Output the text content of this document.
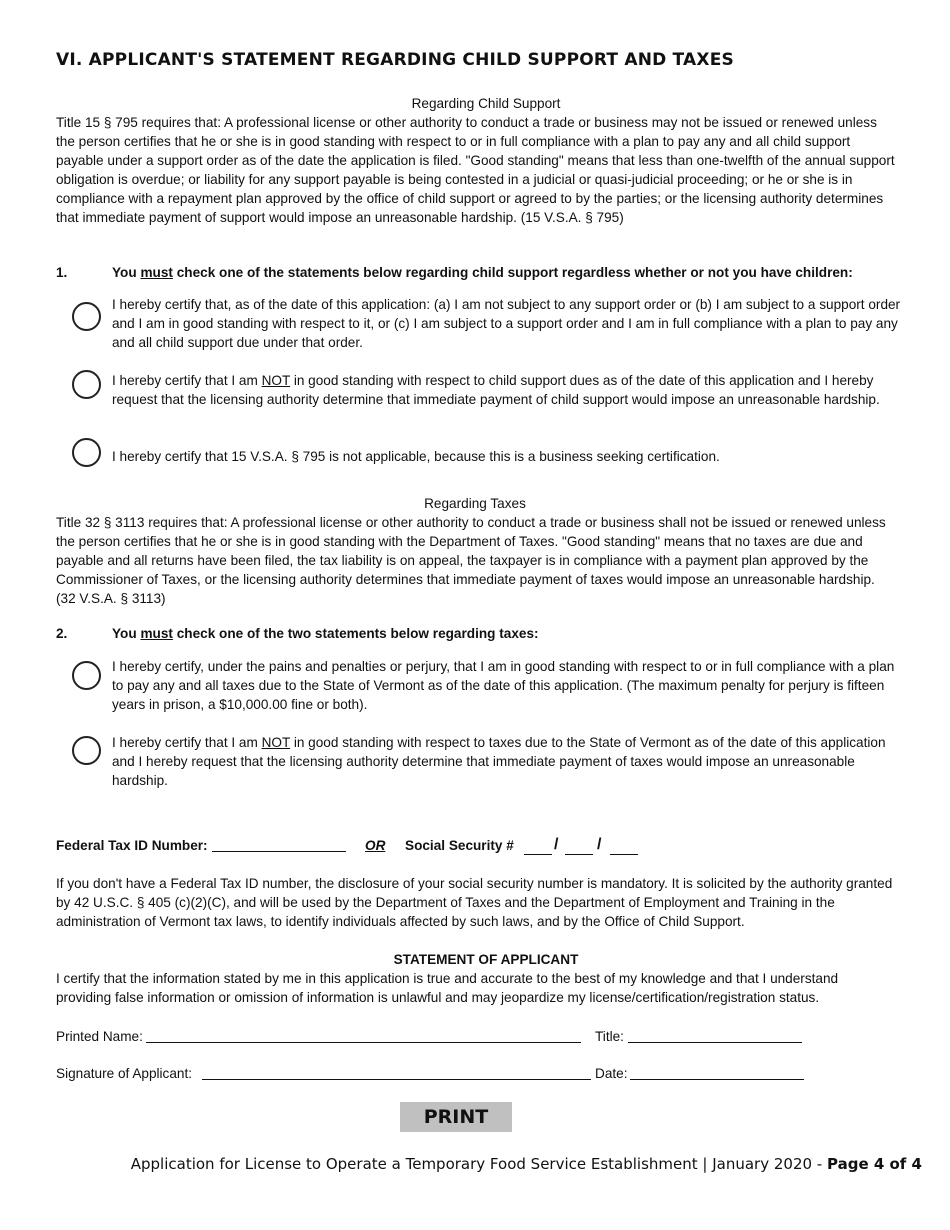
VI. APPLICANT'S STATEMENT REGARDING CHILD SUPPORT AND TAXES
Regarding Child Support
Title 15 § 795 requires that: A professional license or other authority to conduct a trade or business may not be issued or renewed unless the person certifies that he or she is in good standing with respect to or in full compliance with a plan to pay any and all child support payable under a support order as of the date the application is filed. "Good standing" means that less than one-twelfth of the annual support obligation is overdue; or liability for any support payable is being contested in a judicial or quasi-judicial proceeding; or he or she is in compliance with a repayment plan approved by the office of child support or agreed to by the parties; or the licensing authority determines that immediate payment of support would impose an unreasonable hardship. (15 V.S.A. § 795)
1.	You must check one of the statements below regarding child support regardless whether or not you have children:
I hereby certify that, as of the date of this application: (a) I am not subject to any support order or (b) I am subject to a support order and I am in good standing with respect to it, or (c) I am subject to a support order and I am in full compliance with a plan to pay any and all child support due under that order.
I hereby certify that I am NOT in good standing with respect to child support dues as of the date of this application and I hereby request that the licensing authority determine that immediate payment of child support would impose an unreasonable hardship.
I hereby certify that 15 V.S.A. § 795 is not applicable, because this is a business seeking certification.
Regarding Taxes
Title 32 § 3113 requires that: A professional license or other authority to conduct a trade or business shall not be issued or renewed unless the person certifies that he or she is in good standing with the Department of Taxes. "Good standing" means that no taxes are due and payable and all returns have been filed, the tax liability is on appeal, the taxpayer is in compliance with a payment plan approved by the Commissioner of Taxes, or the licensing authority determines that immediate payment of taxes would impose an unreasonable hardship. (32 V.S.A. § 3113)
2.	You must check one of the two statements below regarding taxes:
I hereby certify, under the pains and penalties or perjury, that I am in good standing with respect to or in full compliance with a plan to pay any and all taxes due to the State of Vermont as of the date of this application. (The maximum penalty for perjury is fifteen years in prison, a $10,000.00 fine or both).
I hereby certify that I am NOT in good standing with respect to taxes due to the State of Vermont as of the date of this application and I hereby request that the licensing authority determine that immediate payment of taxes would impose an unreasonable hardship.
Federal Tax ID Number:	OR Social Security #	/ /
If you don't have a Federal Tax ID number, the disclosure of your social security number is mandatory. It is solicited by the authority granted by 42 U.S.C. § 405 (c)(2)(C), and will be used by the Department of Taxes and the Department of Employment and Training in the administration of Vermont tax laws, to identify individuals affected by such laws, and by the Office of Child Support.
STATEMENT OF APPLICANT
I certify that the information stated by me in this application is true and accurate to the best of my knowledge and that I understand providing false information or omission of information is unlawful and may jeopardize my license/certification/registration status.
Printed Name:	Title:
Signature of Applicant:	Date:
PRINT
Application for License to Operate a Temporary Food Service Establishment | January 2020 - Page 4 of 4
